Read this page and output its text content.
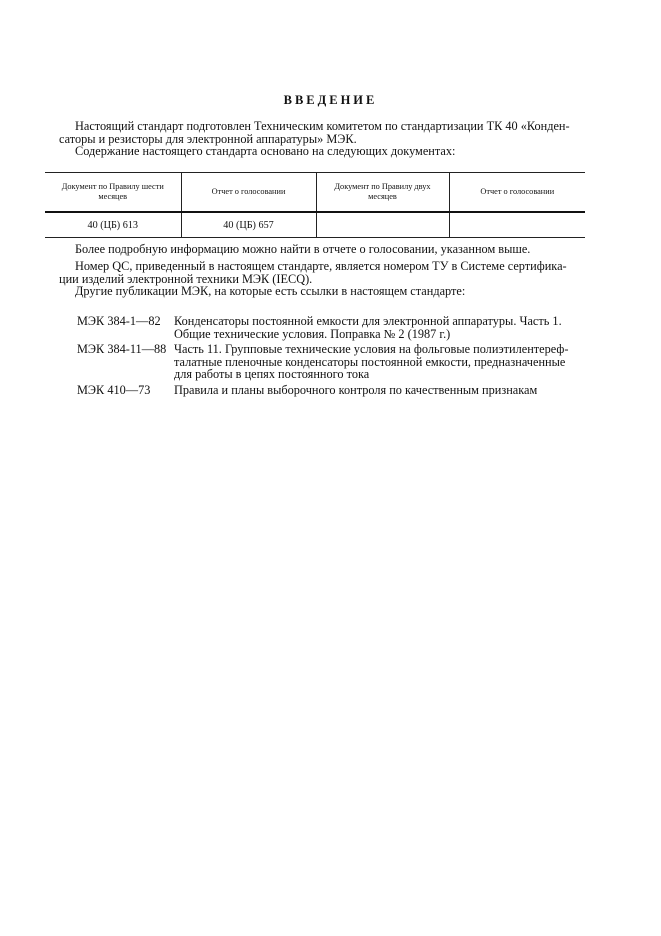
ВВЕДЕНИЕ
Настоящий стандарт подготовлен Техническим комитетом по стандартизации ТК 40 «Конден-
саторы и резисторы для электронной аппаратуры» МЭК.
Содержание настоящего стандарта основано на следующих документах:
Документ по Правилу шести месяцев	Отчет о голосовании	Документ по Правилу двух месяцев	Отчет о голосовании
40 (ЦБ) 613	40 (ЦБ) 657		
Более подробную информацию можно найти в отчете о голосовании, указанном выше.
Номер QC, приведенный в настоящем стандарте, является номером ТУ в Системе сертифика-
ции изделий электронной техники МЭК (IECQ).
Другие публикации МЭК, на которые есть ссылки в настоящем стандарте:
МЭК 384-1—82	Конденсаторы постоянной емкости для электронной аппаратуры. Часть 1.
Общие технические условия. Поправка № 2 (1987 г.)
МЭК 384-11—88 Часть 11. Групповые технические условия на фольговые полиэтилентереф-
талатные пленочные конденсаторы постоянной емкости, предназначенные
для работы в цепях постоянного тока
МЭК 410—73	Правила и планы выборочного контроля по качественным признакам
